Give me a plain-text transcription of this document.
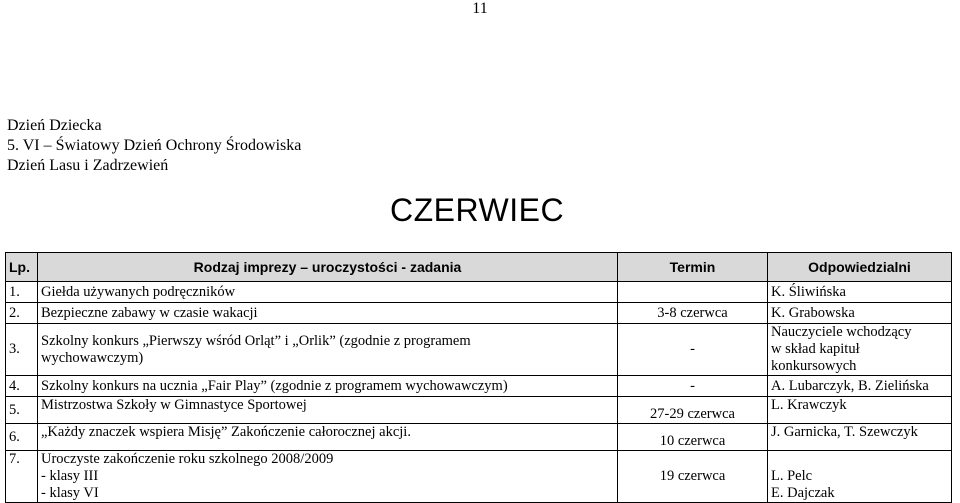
11
Dzień Dziecka
5. VI – Światowy Dzień Ochrony Środowiska
Dzień Lasu i Zadrzewień
CZERWIEC
Lp.	Rodzaj imprezy – uroczystości - zadania	Termin	Odpowiedzialni
1.	Giełda używanych podręczników		K. Śliwińska
2.	Bezpieczne zabawy w czasie wakacji	3-8 czerwca	K. Grabowska
3.	Szkolny konkurs „Pierwszy wśród Orląt” i „Orlik” (zgodnie z programem
wychowawczym)	-	Nauczyciele wchodzący
w skład kapituł konkursowych

4.	Szkolny konkurs na ucznia „Fair Play” (zgodnie z programem wychowawczym)	-	A. Lubarczyk, B. Zielińska
5.	Mistrzostwa Szkoły w Gimnastyce Sportowej	27-29 czerwca	L. Krawczyk
6.	„Każdy znaczek wspiera Misję” Zakończenie całorocznej akcji.	10 czerwca	J. Garnicka, T. Szewczyk
7.	Uroczyste zakończenie roku szkolnego 2008/2009
- klasy III
- klasy VI	19 czerwca	L. Pelc
E. Dajczak
